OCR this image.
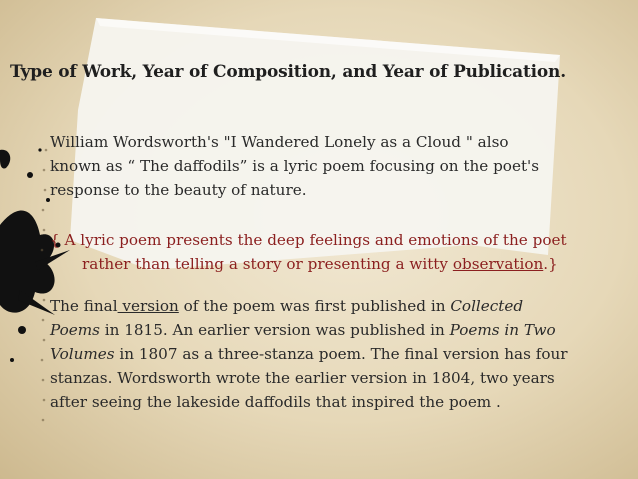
Type of Work, Year of Composition, and Year of Publication.
William Wordsworth's "I Wandered Lonely as a Cloud " also
known as “ The daffodils” is a lyric poem focusing on the poet's
response to the beauty of nature.
{ A lyric poem presents the deep feelings and emotions of the poet
rather than telling a story or presenting a witty observation.}
The final version of the poem was first published in Collected
Poems in 1815. An earlier version was published in Poems in Two
Volumes in 1807 as a three-stanza poem. The final version has four
stanzas. Wordsworth wrote the earlier version in 1804, two years
after seeing the lakeside daffodils that inspired the poem .
